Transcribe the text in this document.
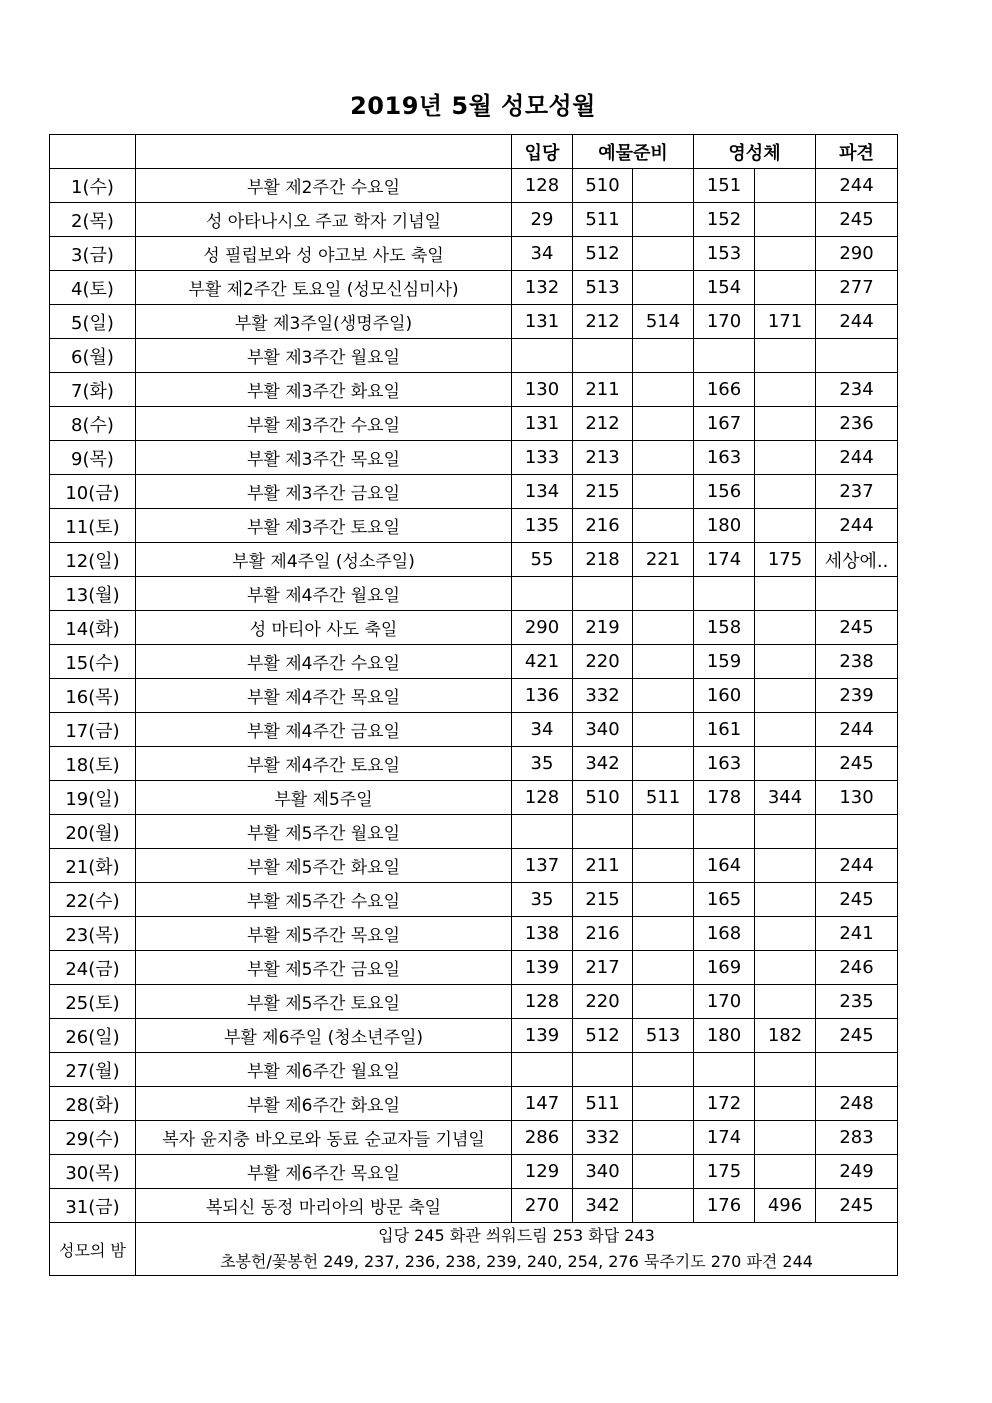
2019년 5월 성모성월
		입당	예물준비		영성체		파견
1(수)	부활 제2주간 수요일	128	510		151		244
2(목)	성 아타나시오 주교 학자 기념일	29	511		152		245
3(금)	성 필립보와 성 야고보 사도 축일	34	512		153		290
4(토)	부활 제2주간 토요일 (성모신심미사)	132	513		154		277
5(일)	부활 제3주일(생명주일)	131	212	514	170	171	244
6(월)	부활 제3주간 월요일						
7(화)	부활 제3주간 화요일	130	211		166		234
8(수)	부활 제3주간 수요일	131	212		167		236
9(목)	부활 제3주간 목요일	133	213		163		244
10(금)	부활 제3주간 금요일	134	215		156		237
11(토)	부활 제3주간 토요일	135	216		180		244
12(일)	부활 제4주일 (성소주일)	55	218	221	174	175	세상에..
13(월)	부활 제4주간 월요일						
14(화)	성 마티아 사도 축일	290	219		158		245
15(수)	부활 제4주간 수요일	421	220		159		238
16(목)	부활 제4주간 목요일	136	332		160		239
17(금)	부활 제4주간 금요일	34	340		161		244
18(토)	부활 제4주간 토요일	35	342		163		245
19(일)	부활 제5주일	128	510	511	178	344	130
20(월)	부활 제5주간 월요일						
21(화)	부활 제5주간 화요일	137	211		164		244
22(수)	부활 제5주간 수요일	35	215		165		245
23(목)	부활 제5주간 목요일	138	216		168		241
24(금)	부활 제5주간 금요일	139	217		169		246
25(토)	부활 제5주간 토요일	128	220		170		235
26(일)	부활 제6주일 (청소년주일)	139	512	513	180	182	245
27(월)	부활 제6주간 월요일						
28(화)	부활 제6주간 화요일	147	511		172		248
29(수)	복자 윤지충 바오로와 동료 순교자들 기념일	286	332		174		283
30(목)	부활 제6주간 목요일	129	340		175		249
31(금)	복되신 동정 마리아의 방문 축일	270	342		176	496	245
성모의 밤	입당 245 화관 씌워드림 253 화답 243
초봉헌/꽃봉헌 249, 237, 236, 238, 239, 240, 254, 276 묵주기도 270 파견 244						
